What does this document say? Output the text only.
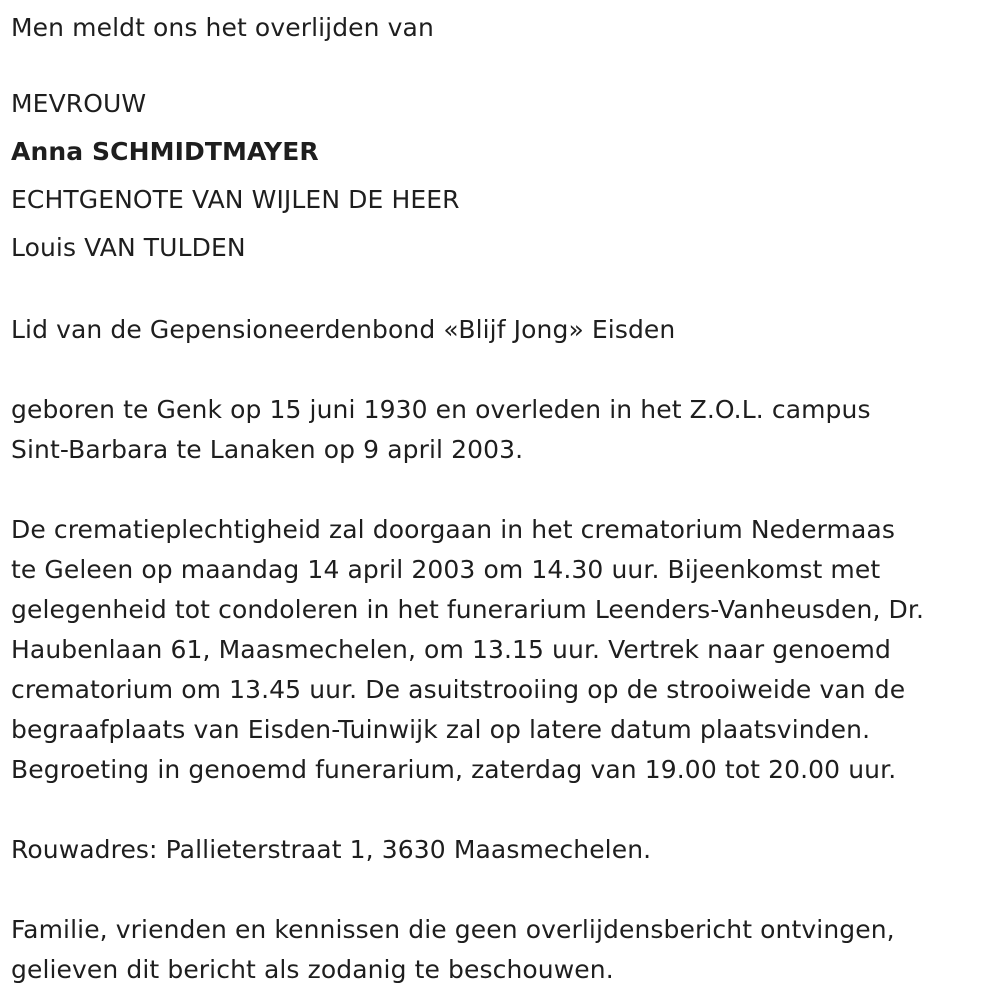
Men meldt ons het overlijden van
MEVROUW
Anna SCHMIDTMAYER
ECHTGENOTE VAN WIJLEN DE HEER
Louis VAN TULDEN
Lid van de Gepensioneerdenbond «Blijf Jong» Eisden
geboren te Genk op 15 juni 1930 en overleden in het Z.O.L. campus
Sint-Barbara te Lanaken op 9 april 2003.
De crematieplechtigheid zal doorgaan in het crematorium Nedermaas
te Geleen op maandag 14 april 2003 om 14.30 uur. Bijeenkomst met
gelegenheid tot condoleren in het funerarium Leenders-Vanheusden, Dr.
Haubenlaan 61, Maasmechelen, om 13.15 uur. Vertrek naar genoemd
crematorium om 13.45 uur. De asuitstrooiing op de strooiweide van de
begraafplaats van Eisden-Tuinwijk zal op latere datum plaatsvinden.
Begroeting in genoemd funerarium, zaterdag van 19.00 tot 20.00 uur.
Rouwadres: Pallieterstraat 1, 3630 Maasmechelen.
Familie, vrienden en kennissen die geen overlijdensbericht ontvingen,
gelieven dit bericht als zodanig te beschouwen.
